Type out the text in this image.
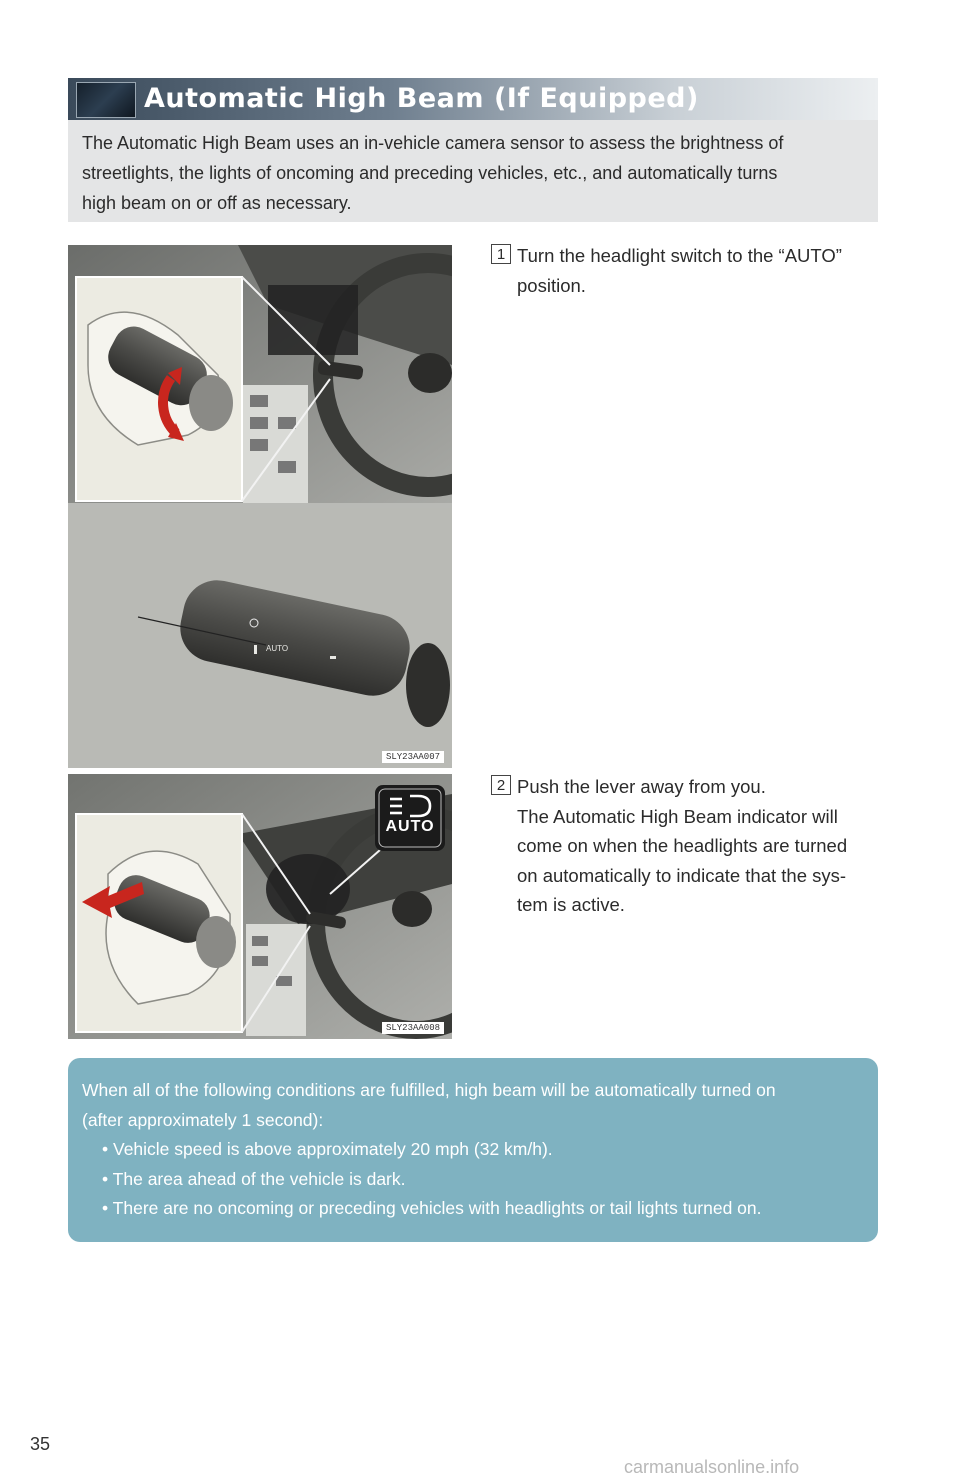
Automatic High Beam (If Equipped)
The Automatic High Beam uses an in-vehicle camera sensor to assess the brightness of
streetlights, the lights of oncoming and preceding vehicles, etc., and automatically turns
high beam on or off as necessary.
AUTO
SLY23AA007
AUTO
SLY23AA008
1 Turn the headlight switch to the “AUTO”
position.
2 Push the lever away from you.
The Automatic High Beam indicator will
come on when the headlights are turned
on automatically to indicate that the sys-
tem is active.
When all of the following conditions are fulfilled, high beam will be automatically turned on
(after approximately 1 second):
• Vehicle speed is above approximately 20 mph (32 km/h).
• The area ahead of the vehicle is dark.
• There are no oncoming or preceding vehicles with headlights or tail lights turned on.
35
carmanualsonline.info
